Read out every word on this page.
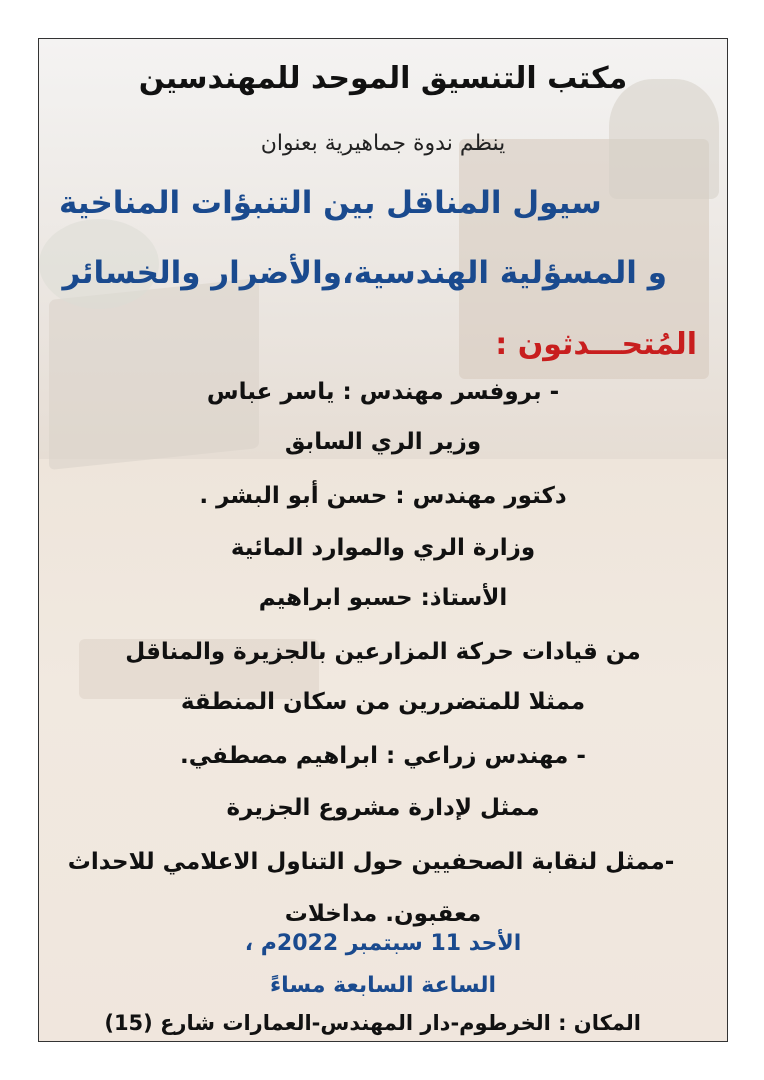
مكتب التنسيق الموحد للمهندسين
ينظم ندوة جماهيرية بعنوان
سيول المناقل بين التنبؤات المناخية
و المسؤلية الهندسية،والأضرار والخسائر
المُتحـــدثون :
- بروفسر مهندس : ياسر عباس
وزير الري السابق
دكتور مهندس : حسن أبو البشر .
وزارة الري والموارد المائية
الأستاذ: حسبو ابراهيم
من قيادات حركة المزارعين بالجزيرة والمناقل
ممثلا للمتضررين من سكان المنطقة
- مهندس زراعي : ابراهيم مصطفي.
ممثل لإدارة مشروع الجزيرة
-ممثل لنقابة الصحفيين حول التناول الاعلامي للاحداث
معقبون. مداخلات
الأحد 11 سبتمبر 2022م ،
الساعة السابعة مساءً
المكان : الخرطوم-دار المهندس-العمارات شارع (15)
